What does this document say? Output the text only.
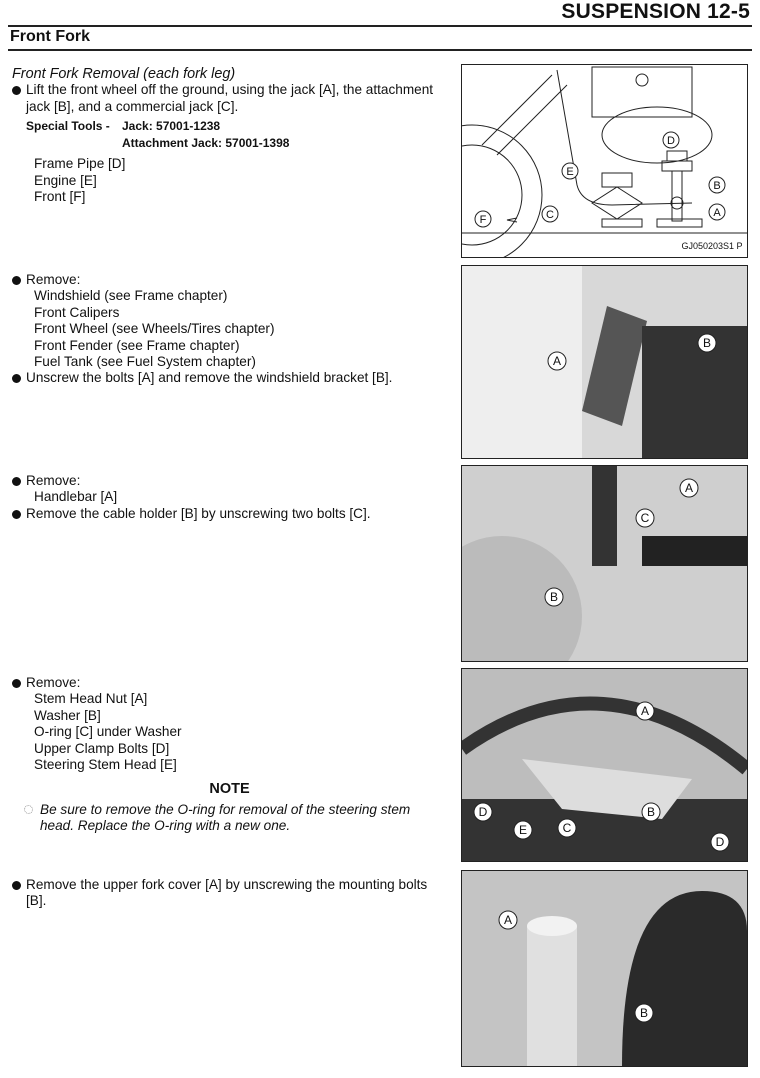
SUSPENSION 12-5
Front Fork
Front Fork Removal (each fork leg)
Lift the front wheel off the ground, using the jack [A], the attachment jack [B], and a commercial jack [C].
Special Tools -	Jack: 57001-1238
Attachment Jack: 57001-1398
Frame Pipe [D]
Engine [E]
Front [F]
Remove:
Windshield (see Frame chapter)
Front Calipers
Front Wheel (see Wheels/Tires chapter)
Front Fender (see Frame chapter)
Fuel Tank (see Fuel System chapter)
Unscrew the bolts [A] and remove the windshield bracket [B].
Remove:
Handlebar [A]
Remove the cable holder [B] by unscrewing two bolts [C].
Remove:
Stem Head Nut [A]
Washer [B]
O-ring [C] under Washer
Upper Clamp Bolts [D]
Steering Stem Head [E]
NOTE
Be sure to remove the O-ring for removal of the steering stem head. Replace the O-ring with a new one.
Remove the upper fork cover [A] by unscrewing the mounting bolts [B].
E
D
B
A
C
F
GJ050203S1 P
A
B
A
B
C
A
B
C
D
D
E
A
B
